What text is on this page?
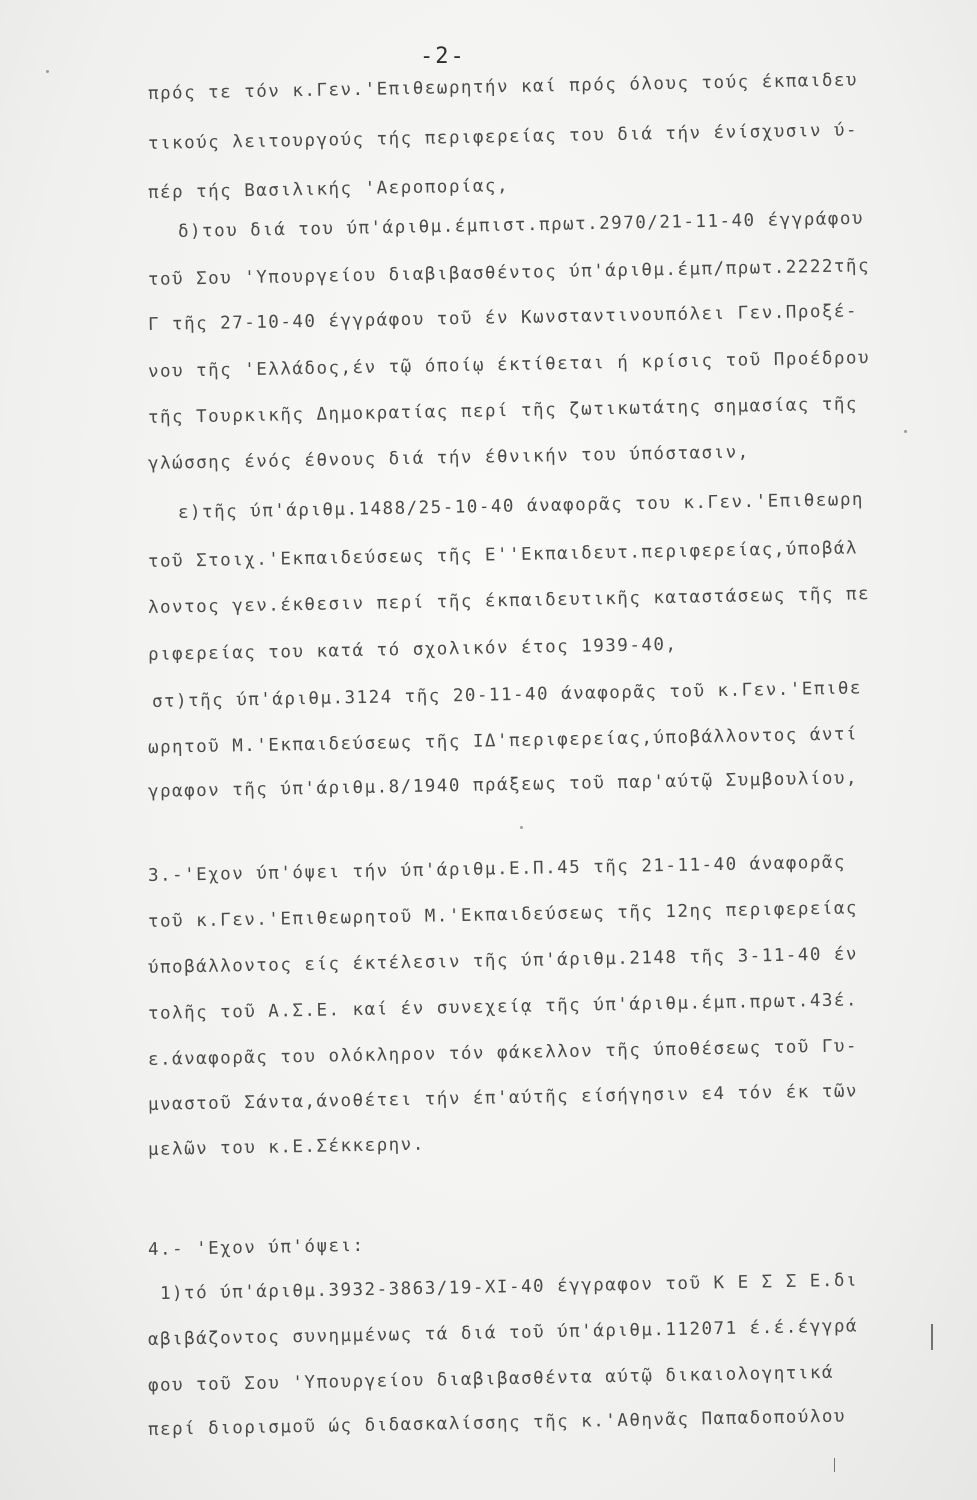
-2-
πρός τε τόν κ.Γεν.'Επιθεωρητήν καί πρός όλους τούς έκπαιδευ
τικούς λειτουργούς τής περιφερείας του διά τήν ένίσχυσιν ύ-
πέρ τής Βασιλικής 'Αεροπορίας,
δ)του διά του ύπ'άριθμ.έμπιστ.πρωτ.2970/21-11-40 έγγράφου
τοῦ Σου 'Υπουργείου διαβιβασθέντος ύπ'άριθμ.έμπ/πρωτ.2222τῆς
Γ τῆς 27-10-40 έγγράφου τοῦ έν Κωνσταντινουπόλει Γεν.Προξέ-
νου τῆς 'Ελλάδος,έν τῷ όποίῳ έκτίθεται ή κρίσις τοῦ Προέδρου
τῆς Τουρκικῆς Δημοκρατίας περί τῆς ζωτικωτάτης σημασίας τῆς
γλώσσης ένός έθνους διά τήν έθνικήν του ύπόστασιν,
ε)τῆς ύπ'άριθμ.1488/25-10-40 άναφορᾶς του κ.Γεν.'Επιθεωρη
τοῦ Στοιχ.'Εκπαιδεύσεως τῆς Ε''Εκπαιδευτ.περιφερείας,ύποβάλ
λοντος γεν.έκθεσιν περί τῆς έκπαιδευτικῆς καταστάσεως τῆς πε
ριφερείας του κατά τό σχολικόν έτος 1939-40,
στ)τῆς ύπ'άριθμ.3124 τῆς 20-11-40 άναφορᾶς τοῦ κ.Γεν.'Επιθε
ωρητοῦ Μ.'Εκπαιδεύσεως τῆς ΙΔ'περιφερείας,ύποβάλλοντος άντί
γραφον τῆς ύπ'άριθμ.8/1940 πράξεως τοῦ παρ'αύτῷ Συμβουλίου,
3.-'Εχον ύπ'όψει τήν ύπ'άριθμ.Ε.Π.45 τῆς 21-11-40 άναφορᾶς
τοῦ κ.Γεν.'Επιθεωρητοῦ Μ.'Εκπαιδεύσεως τῆς 12ης περιφερείας
ύποβάλλοντος είς έκτέλεσιν τῆς ύπ'άριθμ.2148 τῆς 3-11-40 έν
τολῆς τοῦ Α.Σ.Ε. καί έν συνεχείᾳ τῆς ύπ'άριθμ.έμπ.πρωτ.43έ.
ε.άναφορᾶς του ολόκληρον τόν φάκελλον τῆς ύποθέσεως τοῦ Γυ-
μναστοῦ Σάντα,άνοθέτει τήν έπ'αύτῆς είσήγησιν ε4 τόν έκ τῶν
μελῶν του κ.Ε.Σέκκερην.
4.- 'Εχον ύπ'όψει:
1)τό ύπ'άριθμ.3932-3863/19-ΧΙ-40 έγγραφον τοῦ Κ Ε Σ Σ Ε.δι
αβιβάζοντος συνημμένως τά διά τοῦ ύπ'άριθμ.112071 έ.έ.έγγρά
φου τοῦ Σου 'Υπουργείου διαβιβασθέντα αύτῷ δικαιολογητικά
περί διορισμοῦ ώς διδασκαλίσσης τῆς κ.'Αθηνᾶς Παπαδοπούλου
